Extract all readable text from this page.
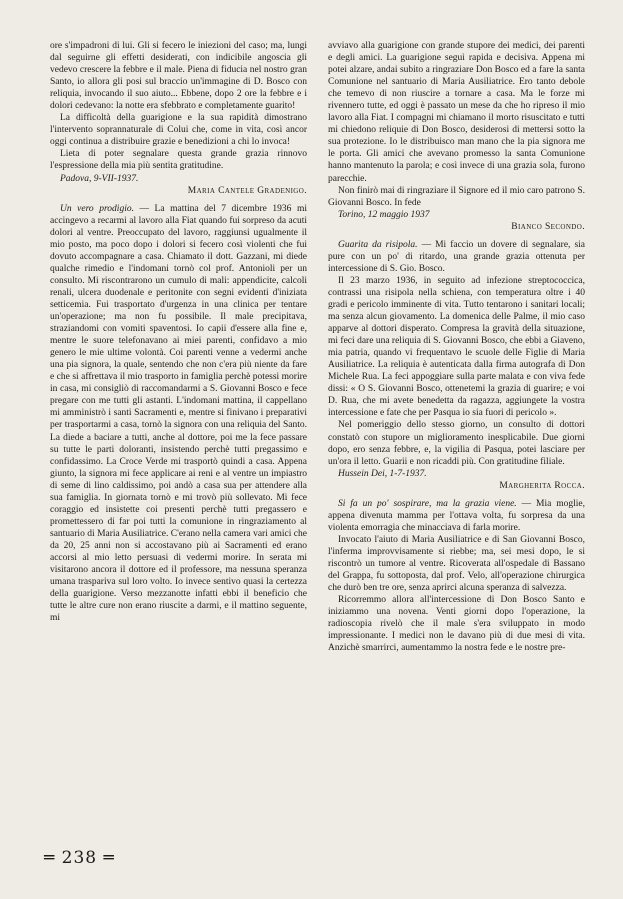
ore s'impadroni di lui. Gli si fecero le iniezioni del caso; ma, lungi dal seguirne gli effetti desiderati, con indicibile angoscia gli vedevo crescere la febbre e il male. Piena di fiducia nel nostro gran Santo, io allora gli posi sul braccio un'immagine di D. Bosco con reliquia, invocando il suo aiuto... Ebbene, dopo 2 ore la febbre e i dolori cedevano: la notte era sfebbrato e completamente guarito!

La difficoltà della guarigione e la sua rapidità dimostrano l'intervento soprannaturale di Colui che, come in vita, così ancor oggi continua a distribuire grazie e benedizioni a chi lo invoca!

Lieta di poter segnalare questa grande grazia rinnovo l'espressione della mia più sentita gratitudine.

Padova, 9-VII-1937.

Maria Cantele Gradenigo.

Un vero prodigio. — La mattina del 7 dicembre 1936 mi accingevo a recarmi al lavoro alla Fiat quando fui sorpreso da acuti dolori al ventre. Preoccupato del lavoro, raggiunsi ugualmente il mio posto, ma poco dopo i dolori si fecero così violenti che fui dovuto accompagnare a casa. Chiamato il dott. Gazzani, mi diede qualche rimedio e l'indomani tornò col prof. Antonioli per un consulto. Mi riscontrarono un cumulo di mali: appendicite, calcoli renali, ulcera duodenale e peritonite con segni evidenti d'iniziata setticemia. Fui trasportato d'urgenza in una clinica per tentare un'operazione; ma non fu possibile. Il male precipitava, straziandomi con vomiti spaventosi. Io capii d'essere alla fine e, mentre le suore telefonavano ai miei parenti, confidavo a mio genero le mie ultime volontà. Coi parenti venne a vedermi anche una pia signora, la quale, sentendo che non c'era più niente da fare e che si affrettava il mio trasporto in famiglia perchè potessi morire in casa, mi consigliò di raccomandarmi a S. Giovanni Bosco e fece pregare con me tutti gli astanti. L'indomani mattina, il cappellano mi amministrò i santi Sacramenti e, mentre si finivano i preparativi per trasportarmi a casa, tornò la signora con una reliquia del Santo. La diede a baciare a tutti, anche al dottore, poi me la fece passare su tutte le parti doloranti, insistendo perchè tutti pregassimo e confidassimo. La Croce Verde mi trasportò quindi a casa. Appena giunto, la signora mi fece applicare ai reni e al ventre un impiastro di seme di lino caldissimo, poi andò a casa sua per attendere alla sua famiglia. In giornata tornò e mi trovò più sollevato. Mi fece coraggio ed insistette coi presenti perchè tutti pregassero e promettessero di far poi tutti la comunione in ringraziamento al santuario di Maria Ausiliatrice. C'erano nella camera vari amici che da 20, 25 anni non si accostavano più ai Sacramenti ed erano accorsi al mio letto persuasi di vedermi morire. In serata mi visitarono ancora il dottore ed il professore, ma nessuna speranza umana traspariva sul loro volto. Io invece sentivo quasi la certezza della guarigione. Verso mezzanotte infatti ebbi il beneficio che tutte le altre cure non erano riuscite a darmi, e il mattino seguente, mi

avviavo alla guarigione con grande stupore dei medici, dei parenti e degli amici. La guarigione seguì rapida e decisiva. Appena mi potei alzare, andai subito a ringraziare Don Bosco ed a fare la santa Comunione nel santuario di Maria Ausiliatrice. Ero tanto debole che temevo di non riuscire a tornare a casa. Ma le forze mi rivennero tutte, ed oggi è passato un mese da che ho ripreso il mio lavoro alla Fiat. I compagni mi chiamano il morto risuscitato e tutti mi chiedono reliquie di Don Bosco, desiderosi di mettersi sotto la sua protezione. Io le distribuisco man mano che la pia signora me le porta. Gli amici che avevano promesso la santa Comunione hanno mantenuto la parola; e così invece di una grazia sola, furono parecchie.

Non finirò mai di ringraziare il Signore ed il mio caro patrono S. Giovanni Bosco. In fede

Torino, 12 maggio 1937

Bianco Secondo.

Guarita da risipola. — Mi faccio un dovere di segnalare, sia pure con un po' di ritardo, una grande grazia ottenuta per intercessione di S. Gio. Bosco.

Il 23 marzo 1936, in seguito ad infezione streptococcica, contrassi una risipola nella schiena, con temperatura oltre i 40 gradi e pericolo imminente di vita. Tutto tentarono i sanitari locali; ma senza alcun giovamento. La domenica delle Palme, il mio caso apparve al dottori disperato. Compresa la gravità della situazione, mi feci dare una reliquia di S. Giovanni Bosco, che ebbi a Giaveno, mia patria, quando vi frequentavo le scuole delle Figlie di Maria Ausiliatrice. La reliquia è autenticata dalla firma autografa di Don Michele Rua. La feci appoggiare sulla parte malata e con viva fede dissi: « O S. Giovanni Bosco, ottenetemi la grazia di guarire; e voi D. Rua, che mi avete benedetta da ragazza, aggiungete la vostra intercessione e fate che per Pasqua io sia fuori di pericolo ».

Nel pomeriggio dello stesso giorno, un consulto di dottori constatò con stupore un miglioramento inesplicabile. Due giorni dopo, ero senza febbre, e, la vigilia di Pasqua, potei lasciare per un'ora il letto. Guarii e non ricaddi più. Con gratitudine filiale.

Hussein Dei, 1-7-1937.

Margherita Rocca.

Si fa un po' sospirare, ma la grazia viene. — Mia moglie, appena divenuta mamma per l'ottava volta, fu sorpresa da una violenta emorragia che minacciava di farla morire.

Invocato l'aiuto di Maria Ausiliatrice e di San Giovanni Bosco, l'inferma improvvisamente si riebbe; ma, sei mesi dopo, le si riscontrò un tumore al ventre. Ricoverata all'ospedale di Bassano del Grappa, fu sottoposta, dal prof. Velo, all'operazione chirurgica che durò ben tre ore, senza aprirci alcuna speranza di salvezza.

Ricorremmo allora all'intercessione di Don Bosco Santo e iniziammo una novena. Venti giorni dopo l'operazione, la radioscopia rivelò che il male s'era sviluppato in modo impressionante. I medici non le davano più di due mesi di vita. Anzichè smarrirci, aumentammo la nostra fede e le nostre pre-

═ 238 ═
